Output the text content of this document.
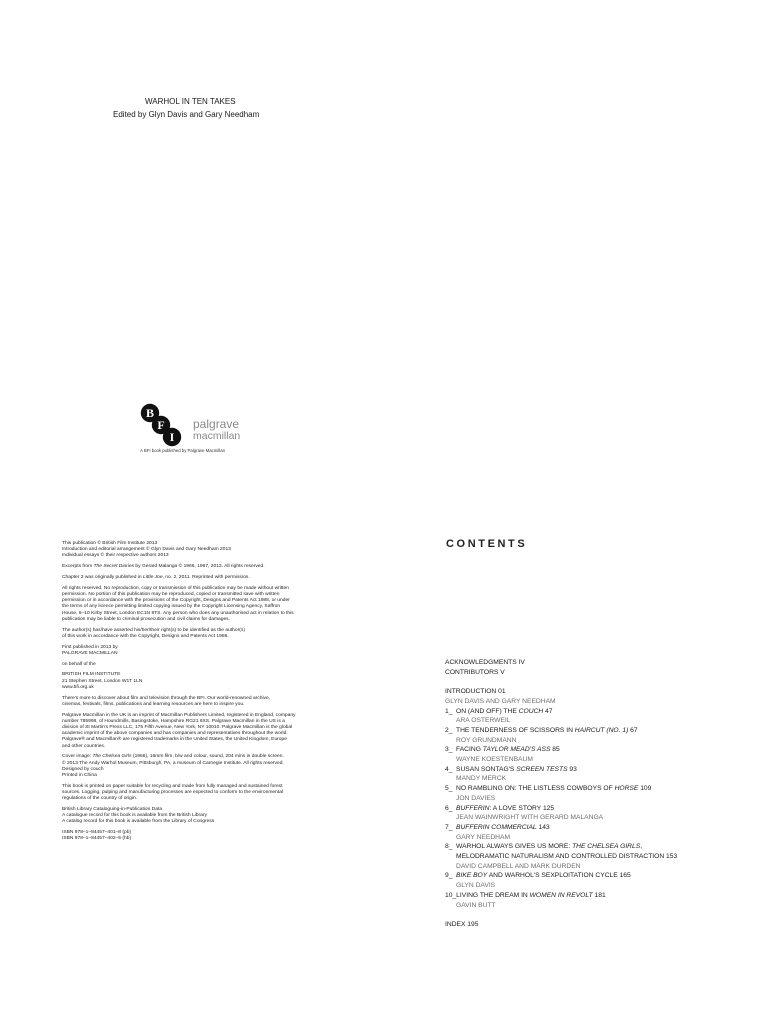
WARHOL IN TEN TAKES
Edited by Glyn Davis and Gary Needham
B
F
I
palgrave
macmillan
A BFI book published by Palgrave Macmillan

This publication © British Film Institute 2013
Introduction and editorial arrangement © Glyn Davis and Gary Needham 2013
Individual essays © their respective authors 2013

Excerpts from The Secret Diaries by Gerard Malanga © 1966, 1967, 2013. All rights reserved.

Chapter 3 was originally published in Little Joe, no. 2, 2011. Reprinted with permission.

All rights reserved. No reproduction, copy or transmission of this publication may be made without written
permission. No portion of this publication may be reproduced, copied or transmitted save with written
permission or in accordance with the provisions of the Copyright, Designs and Patents Act 1988, or under
the terms of any licence permitting limited copying issued by the Copyright Licensing Agency, Saffron
House, 6–10 Kirby Street, London EC1N 8TS. Any person who does any unauthorised act in relation to this
publication may be liable to criminal prosecution and civil claims for damages.

The author(s) has/have asserted his/her/their right(s) to be identified as the author(s)
of this work in accordance with the Copyright, Designs and Patents Act 1988.

First published in 2013 by
PALGRAVE MACMILLAN

on behalf of the

BRITISH FILM INSTITUTE
21 Stephen Street, London W1T 1LN
www.bfi.org.uk

There's more to discover about film and television through the BFI. Our world-renowned archive,
cinemas, festivals, films, publications and learning resources are here to inspire you.

Palgrave Macmillan in the UK is an imprint of Macmillan Publishers Limited, registered in England, company
number 785998, of Houndmills, Basingstoke, Hampshire RG21 6XS. Palgrave Macmillan in the US is a
division of St Martin's Press LLC, 175 Fifth Avenue, New York, NY 10010. Palgrave Macmillan is the global
academic imprint of the above companies and has companies and representatives throughout the world.
Palgrave® and Macmillan® are registered trademarks in the United States, the United Kingdom, Europe
and other countries.

Cover image: The Chelsea Girls (1966), 16mm film, b/w and colour, sound, 204 mins in double screen.
© 2013 The Andy Warhol Museum, Pittsburgh, PA, a museum of Carnegie Institute. All rights reserved.
Designed by couch
Printed in China

This book is printed on paper suitable for recycling and made from fully managed and sustained forest
sources. Logging, pulping and manufacturing processes are expected to conform to the environmental
regulations of the country of origin.

British Library Cataloguing-in-Publication Data
A catalogue record for this book is available from the British Library
A catalog record for this book is available from the Library of Congress

ISBN 978–1–84457–401–8 (pb)
ISBN 978–1–84457–402–5 (hb)

CONTENTS
ACKNOWLEDGMENTS IV
CONTRIBUTORS V
INTRODUCTION 01
GLYN DAVIS AND GARY NEEDHAM
1_ ON (AND OFF) THE COUCH 47
ARA OSTERWEIL
2_ THE TENDERNESS OF SCISSORS IN HAIRCUT (NO. 1) 67
ROY GRUNDMANN
3_ FACING TAYLOR MEAD'S ASS 85
WAYNE KOESTENBAUM
4_ SUSAN SONTAG'S SCREEN TESTS 93
MANDY MERCK
5_ NO RAMBLING ON: THE LISTLESS COWBOYS OF HORSE 109
JON DAVIES
6_ BUFFERIN: A LOVE STORY 125
JEAN WAINWRIGHT WITH GERARD MALANGA
7_ BUFFERIN COMMERCIAL 143
GARY NEEDHAM
8_ WARHOL ALWAYS GIVES US MORE: THE CHELSEA GIRLS,
MELODRAMATIC NATURALISM AND CONTROLLED DISTRACTION 153
DAVID CAMPBELL AND MARK DURDEN
9_ BIKE BOY AND WARHOL'S SEXPLOITATION CYCLE 165
GLYN DAVIS
10_LIVING THE DREAM IN WOMEN IN REVOLT 181
GAVIN BUTT
INDEX 195
